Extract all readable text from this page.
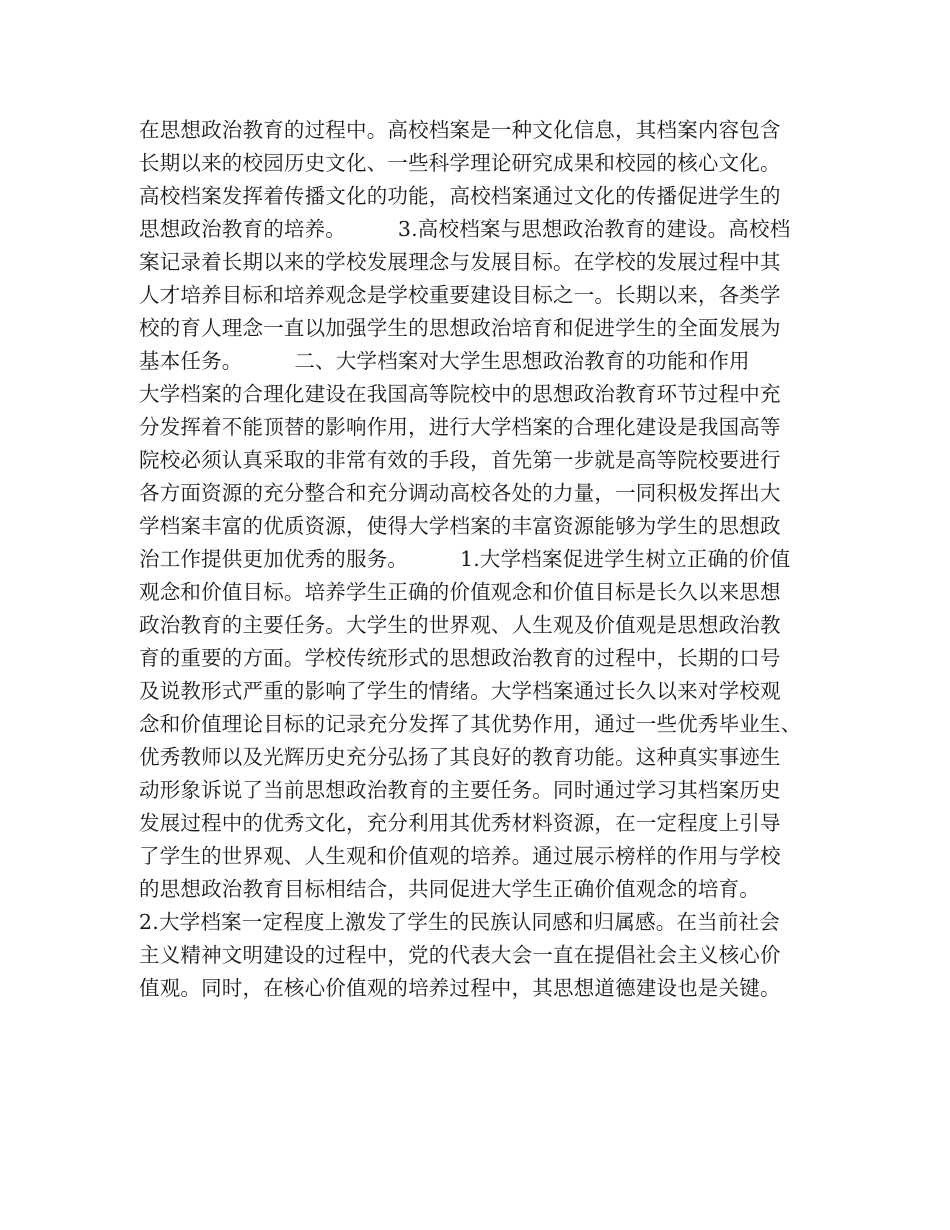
在思想政治教育的过程中。高校档案是一种文化信息，其档案内容包含
长期以来的校园历史文化、一些科学理论研究成果和校园的核心文化。
高校档案发挥着传播文化的功能，高校档案通过文化的传播促进学生的
思想政治教育的培养。　　　3.高校档案与思想政治教育的建设。高校档
案记录着长期以来的学校发展理念与发展目标。在学校的发展过程中其
人才培养目标和培养观念是学校重要建设目标之一。长期以来，各类学
校的育人理念一直以加强学生的思想政治培育和促进学生的全面发展为
基本任务。　　　二、大学档案对大学生思想政治教育的功能和作用
大学档案的合理化建设在我国高等院校中的思想政治教育环节过程中充
分发挥着不能顶替的影响作用，进行大学档案的合理化建设是我国高等
院校必须认真采取的非常有效的手段，首先第一步就是高等院校要进行
各方面资源的充分整合和充分调动高校各处的力量，一同积极发挥出大
学档案丰富的优质资源，使得大学档案的丰富资源能够为学生的思想政
治工作提供更加优秀的服务。　　　1.大学档案促进学生树立正确的价值
观念和价值目标。培养学生正确的价值观念和价值目标是长久以来思想
政治教育的主要任务。大学生的世界观、人生观及价值观是思想政治教
育的重要的方面。学校传统形式的思想政治教育的过程中，长期的口号
及说教形式严重的影响了学生的情绪。大学档案通过长久以来对学校观
念和价值理论目标的记录充分发挥了其优势作用，通过一些优秀毕业生、
优秀教师以及光辉历史充分弘扬了其良好的教育功能。这种真实事迹生
动形象诉说了当前思想政治教育的主要任务。同时通过学习其档案历史
发展过程中的优秀文化，充分利用其优秀材料资源，在一定程度上引导
了学生的世界观、人生观和价值观的培养。通过展示榜样的作用与学校
的思想政治教育目标相结合，共同促进大学生正确价值观念的培育。
2.大学档案一定程度上激发了学生的民族认同感和归属感。在当前社会
主义精神文明建设的过程中，党的代表大会一直在提倡社会主义核心价
值观。同时，在核心价值观的培养过程中，其思想道德建设也是关键。
